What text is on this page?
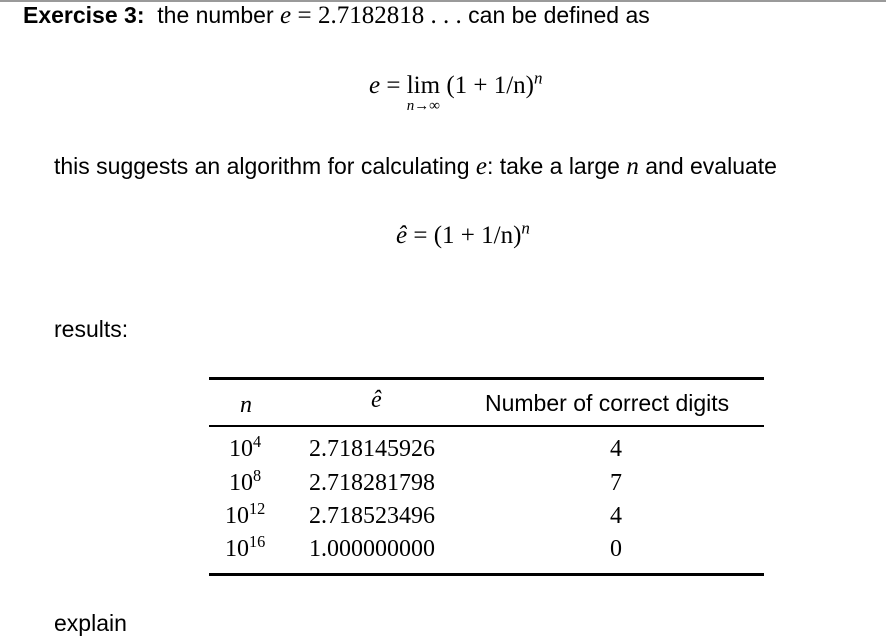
Exercise 3: the number e = 2.7182818 . . . can be defined as
e = lim
n→∞
$(1 + 1/n)^n$
this suggests an algorithm for calculating e: take a large n and evaluate
ê = $(1 + 1/n)^n$
results:
n	ê	Number of correct digits
$10^4$ 2.718145926	4
$10^8$ 2.718281798	7
$10^{12}$ 2.718523496	4
$10^{16}$ 1.000000000	0
explain
